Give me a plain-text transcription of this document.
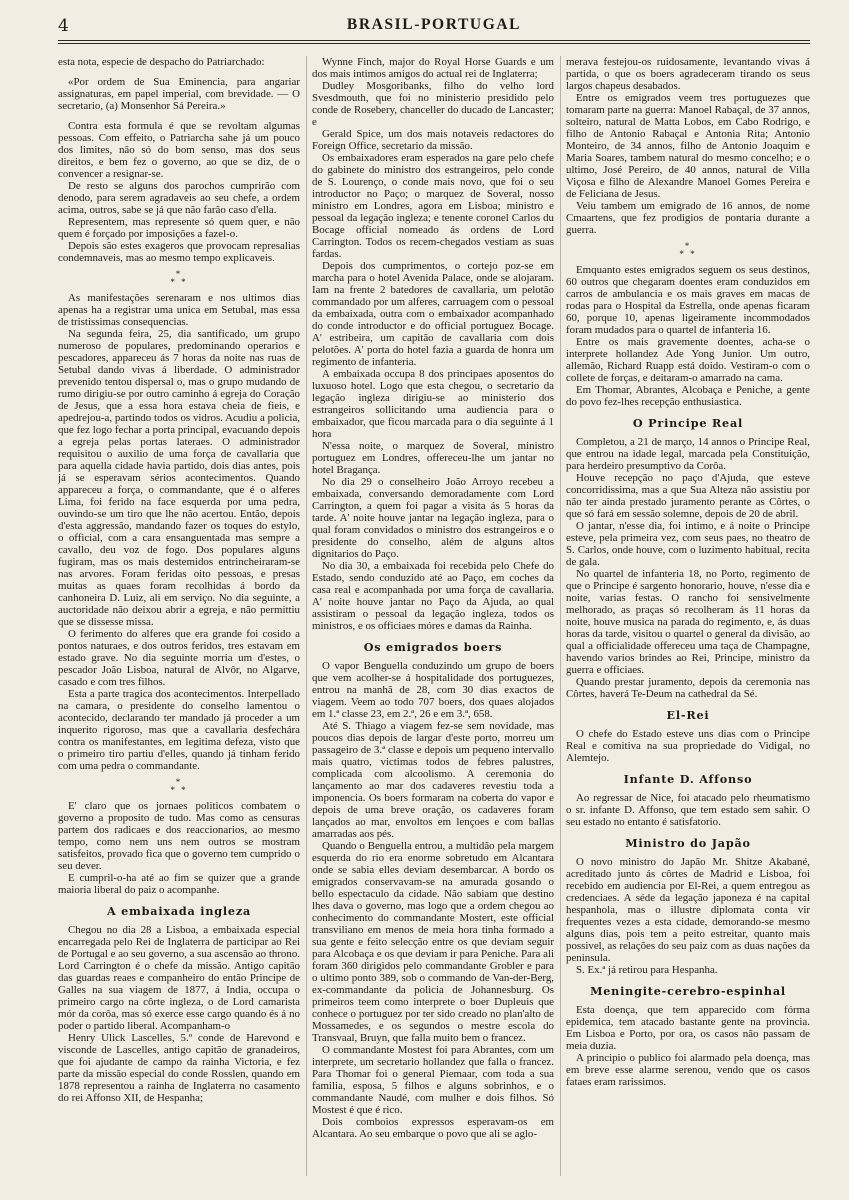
4	BRASIL-PORTUGAL

esta nota, especie de despacho do Patriarchado:

«Por ordem de Sua Eminencia, para angariar assignaturas, em papel imperial, com brevidade. — O secretario, (a) Monsenhor Sá Pereira.»

Contra esta formula é que se revoltam algumas pessoas. Com effeito, o Patriarcha sahe já um pouco dos limites, não só do bom senso, mas dos seus direitos, e bem fez o governo, ao que se diz, de o convencer a resignar-se.

De resto se alguns dos parochos cumprirão com denodo, para serem agradaveis ao seu chefe, a ordem acima, outros, sabe se já que não farão caso d'ella.

Representem, mas represente só quem quer, e não quem é forçado por imposições a fazel-o.

Depois são estes exageros que provocam represalias condemnaveis, mas ao mesmo tempo explicaveis.

*
* *

As manifestações serenaram e nos ultimos dias apenas ha a registrar uma unica em Setubal, mas essa de tristissimas consequencias.

Na segunda feira, 25, dia santificado, um grupo numeroso de populares, predominando operarios e pescadores, appareceu ás 7 horas da noite nas ruas de Setubal dando vivas á liberdade. O administrador prevenido tentou dispersal o, mas o grupo mudando de rumo dirigiu-se por outro caminho á egreja do Coração de Jesus, que a essa hora estava cheia de fieis, e apedrejou-a, partindo todos os vidros. Acudiu a policia, que fez logo fechar a porta principal, evacuando depois a egreja pelas portas lateraes. O administrador requisitou o auxilio de uma força de cavallaria que para aquella cidade havia partido, dois dias antes, pois já se esperavam sérios acontecimentos. Quando appareceu a força, o commandante, que é o alferes Lima, foi ferido na face esquerda por uma pedra, ouvindo-se um tiro que lhe não acertou. Então, depois d'esta aggressão, mandando fazer os toques do estylo, o official, com a cara ensanguentada mas sempre a cavallo, deu voz de fogo. Dos populares alguns fugiram, mas os mais destemidos entrincheiraram-se nas arvores. Foram feridas oito pessoas, e presas muitas as quaes foram recolhidas á bordo da canhoneira D. Luiz, ali em serviço. No dia seguinte, a auctoridade não deixou abrir a egreja, e não permittiu que se dissesse missa.

O ferimento do alferes que era grande foi cosido a pontos naturaes, e dos outros feridos, tres estavam em estado grave. No dia seguinte morria um d'estes, o pescador João Lisboa, natural de Alvôr, no Algarve, casado e com tres filhos.

Esta a parte tragica dos acontecimentos. Interpellado na camara, o presidente do conselho lamentou o acontecido, declarando ter mandado já proceder a um inquerito rigoroso, mas que a cavallaria desfechára contra os manifestantes, em legitima defeza, visto que o primeiro tiro partiu d'elles, quando já tinham ferido com uma pedra o commandante.

*
* *

E' claro que os jornaes politicos combatem o governo a proposito de tudo. Mas como as censuras partem dos radicaes e dos reaccionarios, ao mesmo tempo, como nem uns nem outros se mostram satisfeitos, provado fica que o governo tem cumprido o seu dever.

E cumpril-o-ha até ao fim se quizer que a grande maioria liberal do paiz o acompanhe.

A embaixada ingleza

Chegou no dia 28 a Lisboa, a embaixada especial encarregada pelo Rei de Inglaterra de participar ao Rei de Portugal e ao seu governo, a sua ascensão ao throno. Lord Carrington é o chefe da missão. Antigo capitão das guardas reaes e companheiro do então Principe de Galles na sua viagem de 1877, á India, occupa o primeiro cargo na côrte ingleza, o de Lord camarista mór da corôa, mas só exerce esse cargo quando és á no poder o partido liberal. Acompanham-o

Henry Ulick Lascelles, 5.º conde de Harevond e visconde de Lascelles, antigo capitão de granadeiros, que foi ajudante de campo da rainha Victoria, e fez parte da missão especial do conde Rosslen, quando em 1878 representou a rainha de Inglaterra no casamento do rei Affonso XII, de Hespanha;

Wynne Finch, major do Royal Horse Guards e um dos mais intimos amigos do actual rei de Inglaterra;

Dudley Mosgoribanks, filho do velho lord Svesdmouth, que foi no ministerio presidido pelo conde de Rosebery, chanceller do ducado de Lancaster; e

Gerald Spice, um dos mais notaveis redactores do Foreign Office, secretario da missão.

Os embaixadores eram esperados na gare pelo chefe do gabinete do ministro dos estrangeiros, pelo conde de S. Lourenço, o conde mais novo, que foi o seu introductor no Paço; o marquez de Soveral, nosso ministro em Londres, agora em Lisboa; ministro e pessoal da legação ingleza; e tenente coronel Carlos du Bocage official nomeado ás ordens de Lord Carrington. Todos os recem-chegados vestiam as suas fardas.

Depois dos cumprimentos, o cortejo poz-se em marcha para o hotel Avenida Palace, onde se alojaram. Iam na frente 2 batedores de cavallaria, um pelotão commandado por um alferes, carruagem com o pessoal da embaixada, outra com o embaixador acompanhado do conde introductor e do official portuguez Bocage. A' estribeira, um capitão de cavallaria com dois pelotões. A' porta do hotel fazia a guarda de honra um regimento de infanteria.

A embaixada occupa 8 dos principaes aposentos do luxuoso hotel. Logo que esta chegou, o secretario da legação ingleza dirigiu-se ao ministerio dos estrangeiros sollicitando uma audiencia para o embaixador, que ficou marcada para o dia seguinte á 1 hora

N'essa noite, o marquez de Soveral, ministro portuguez em Londres, offereceu-lhe um jantar no hotel Bragança.

No dia 29 o conselheiro João Arroyo recebeu a embaixada, conversando demoradamente com Lord Carrington, a quem foi pagar a visita ás 5 horas da tarde. A' noite houve jantar na legação ingleza, para o qual foram convidados o ministro dos estrangeiros e o presidente do conselho, além de alguns altos dignitarios do Paço.

No dia 30, a embaixada foi recebida pelo Chefe do Estado, sendo conduzido até ao Paço, em coches da casa real e acompanhada por uma força de cavallaria. A' noite houve jantar no Paço da Ajuda, ao qual assistiram o pessoal da legação ingleza, todos os ministros, e os officiaes móres e damas da Rainha.

Os emigrados boers

O vapor Benguella conduzindo um grupo de boers que vem acolher-se á hospitalidade dos portuguezes, entrou na manhã de 28, com 30 dias exactos de viagem. Veem ao todo 707 boers, dos quaes alojados em 1.ª classe 23, em 2.ª, 26 e em 3.ª, 658.

Até S. Thiago a viagem fez-se sem novidade, mas poucos dias depois de largar d'este porto, morreu um passageiro de 3.ª classe e depois um pequeno intervallo mais quatro, victimas todos de febres palustres, complicada com alcoolismo. A ceremonia do lançamento ao mar dos cadaveres revestiu toda a imponencia. Os boers formaram na coberta do vapor e depois de uma breve oração, os cadaveres foram lançados ao mar, envoltos em lençoes e com ballas amarradas aos pés.

Quando o Benguella entrou, a multidão pela margem esquerda do rio era enorme sobretudo em Alcantara onde se sabia elles deviam desembarcar. A bordo os emigrados conservavam-se na amurada gosando o bello espectaculo da cidade. Não sabiam que destino lhes dava o governo, mas logo que a ordem chegou ao conhecimento do commandante Mostert, este official transviliano em menos de meia hora tinha formado a sua gente e feito selecção entre os que deviam seguir para Alcobaça e os que deviam ir para Peniche. Para ali foram 360 dirigidos pelo commandante Grobler e para o ultimo ponto 389, sob o commando de Van-der-Berg, ex-commandante da policia de Johannesburg. Os primeiros teem como interprete o boer Dupleuis que conhece o portuguez por ter sido creado no plan'alto de Mossamedes, e os segundos o mestre escola do Transvaal, Bruyn, que falla muito bem o francez.

O commandante Mostest foi para Abrantes, com um interprete, um secretario hollandez que falla o francez. Para Thomar foi o general Piemaar, com toda a sua familia, esposa, 5 filhos e alguns sobrinhos, e o commandante Naudé, com mulher e dois filhos. Só Mostest é que é rico.

Dois comboios expressos esperavam-os em Alcantara. Ao seu embarque o povo que ali se aglo-

merava festejou-os ruidosamente, levantando vivas á partida, o que os boers agradeceram tirando os seus largos chapeus desabados.

Entre os emigrados veem tres portuguezes que tomaram parte na guerra: Manoel Rabaçal, de 37 annos, solteiro, natural de Matta Lobos, em Cabo Rodrigo, e filho de Antonio Rabaçal e Antonia Rita; Antonio Monteiro, de 34 annos, filho de Antonio Joaquim e Maria Soares, tambem natural do mesmo concelho; e o ultimo, José Pereiro, de 40 annos, natural de Villa Viçosa e filho de Alexandre Manoel Gomes Pereira e de Feliciana de Jesus.

Veiu tambem um emigrado de 16 annos, de nome Cmaartens, que fez prodigios de pontaria durante a guerra.

*
* *

Emquanto estes emigrados seguem os seus destinos, 60 outros que chegaram doentes eram conduzidos em carros de ambulancia e os mais graves em macas de rodas para o Hospital da Estrella, onde apenas ficaram 60, porque 10, apenas ligeiramente incommodados foram mudados para o quartel de infanteria 16.

Entre os mais gravemente doentes, acha-se o interprete hollandez Ade Yong Junior. Um outro, allemão, Richard Ruapp está doido. Vestiram-o com o collete de forças, e deitaram-o amarrado na cama.

Em Thomar, Abrantes, Alcobaça e Peniche, a gente do povo fez-lhes recepção enthusiastica.

O Principe Real

Completou, a 21 de março, 14 annos o Principe Real, que entrou na idade legal, marcada pela Constituição, para herdeiro presumptivo da Corôa.

Houve recepção no paço d'Ajuda, que esteve concorridissima, mas a que Sua Alteza não assistiu por não ter ainda prestado juramento perante as Côrtes, o que só fará em sessão solemne, depois de 20 de abril.

O jantar, n'esse dia, foi intimo, e á noite o Principe esteve, pela primeira vez, com seus paes, no theatro de S. Carlos, onde houve, com o luzimento habitual, recita de gala.

No quartel de infanteria 18, no Porto, regimento de que o Principe é sargento honorario, houve, n'esse dia e noite, varias festas. O rancho foi sensivelmente melhorado, as praças só recolheram ás 11 horas da noite, houve musica na parada do regimento, e, ás duas horas da tarde, visitou o quartel o general da divisão, ao qual a officialidade offereceu uma taça de Champagne, havendo varios brindes ao Rei, Principe, ministro da guerra e officiaes.

Quando prestar juramento, depois da ceremonia nas Côrtes, haverá Te-Deum na cathedral da Sé.

El-Rei

O chefe do Estado esteve uns dias com o Principe Real e comitiva na sua propriedade do Vidigal, no Alemtejo.

Infante D. Affonso

Ao regressar de Nice, foi atacado pelo rheumatismo o sr. infante D. Affonso, que tem estado sem sahir. O seu estado no entanto é satisfatorio.

Ministro do Japão

O novo ministro do Japão Mr. Shitze Akabané, acreditado junto ás côrtes de Madrid e Lisboa, foi recebido em audiencia por El-Rei, a quem entregou as credenciaes. A séde da legação japoneza é na capital hespanhola, mas o illustre diplomata conta vir frequentes vezes a esta cidade, demorando-se mesmo alguns dias, pois tem a peito estreitar, quanto mais possivel, as relações do seu paiz com as duas nações da peninsula.

S. Ex.ª já retirou para Hespanha.

Meningite-cerebro-espinhal

Esta doença, que tem apparecido com fórma epidemica, tem atacado bastante gente na provincia. Em Lisboa e Porto, por ora, os casos não passam de meia duzia.

A principio o publico foi alarmado pela doença, mas em breve esse alarme serenou, vendo que os casos fataes eram rarissimos.
